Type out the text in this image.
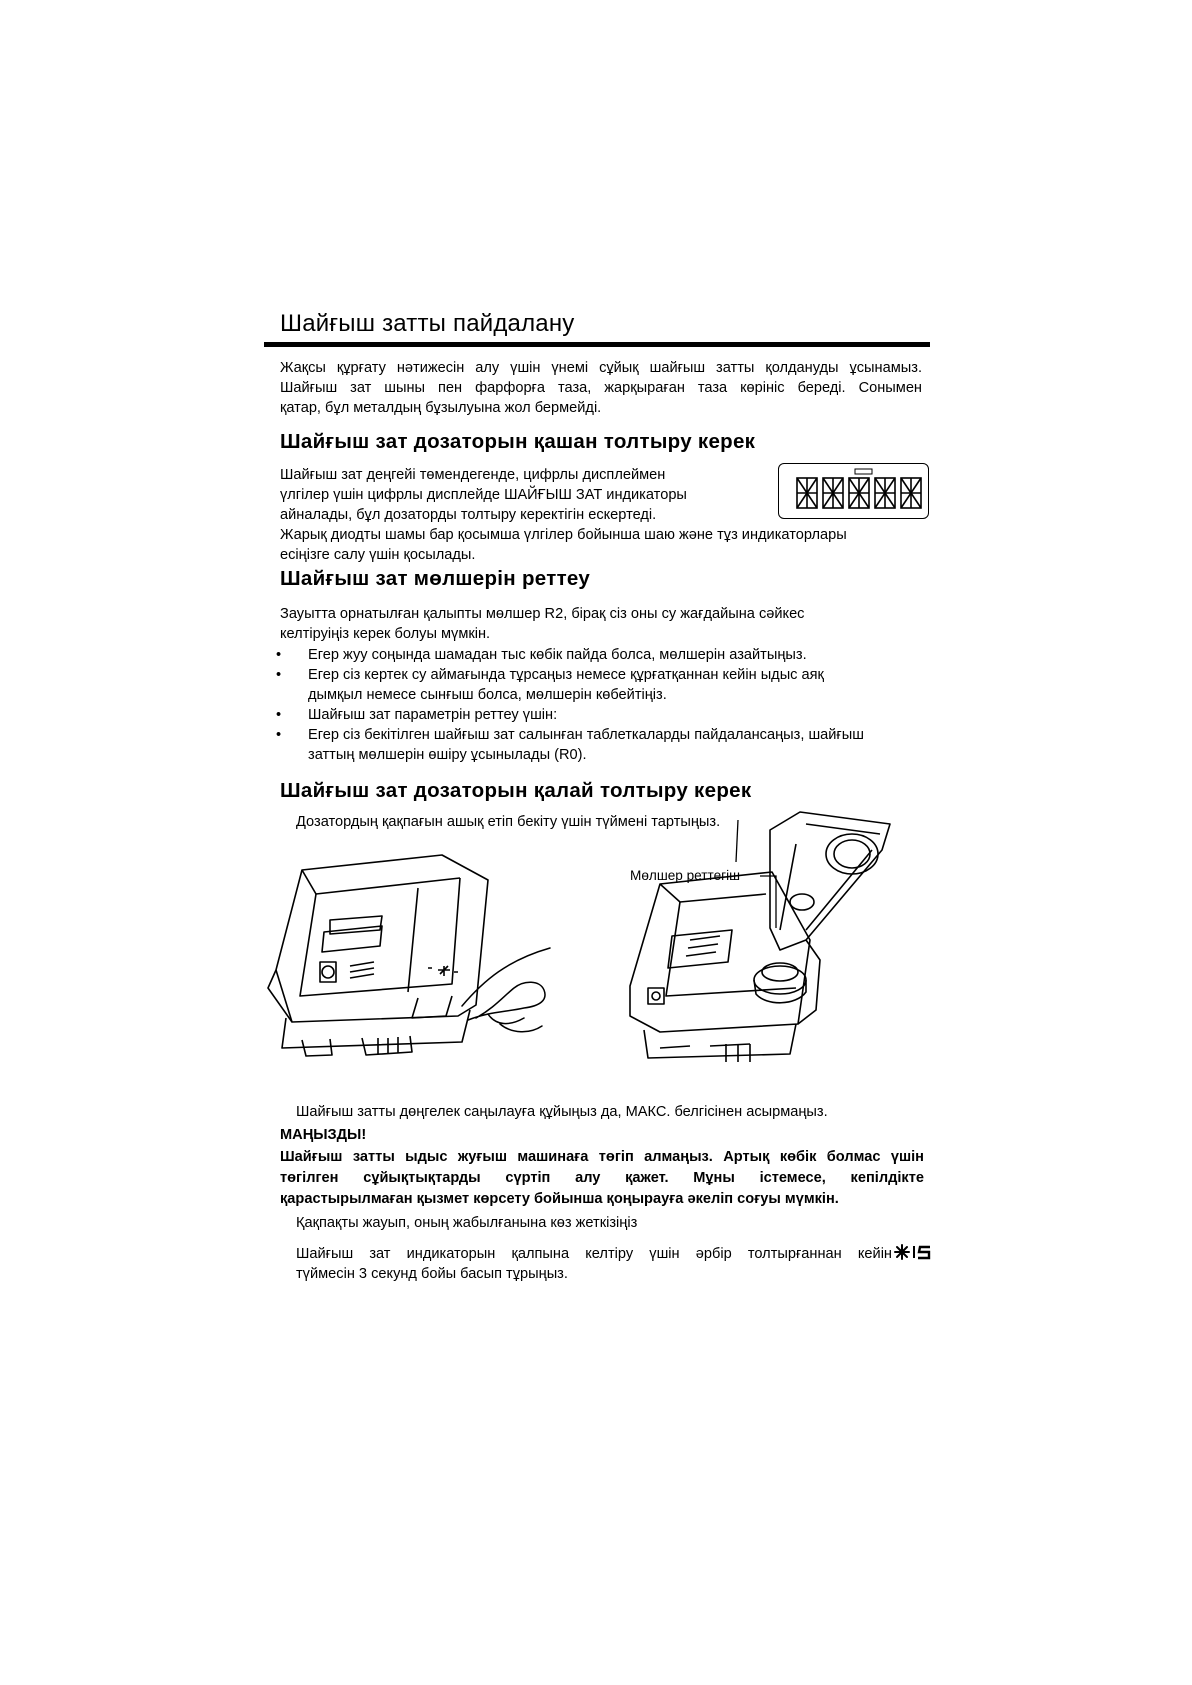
Шайғыш затты пайдалану
Жақсы құрғату нәтижесін алу үшін үнемі сұйық шайғыш затты қолдануды ұсынамыз.
Шайғыш зат шыны пен фарфорға таза, жарқыраған таза көрініс береді. Сонымен
қатар, бұл металдың бұзылуына жол бермейді.
Шайғыш зат дозаторын қашан толтыру керек
Шайғыш зат деңгейі төмендегенде, цифрлы дисплеймен
үлгілер үшін цифрлы дисплейде ШАЙҒЫШ ЗАТ индикаторы
айналады, бұл дозаторды толтыру керектігін ескертеді.
Жарық диодты шамы бар қосымша үлгілер бойынша шаю және тұз индикаторлары
есіңізге салу үшін қосылады.
Шайғыш зат мөлшерін реттеу
Зауытта орнатылған қалыпты мөлшер R2, бірақ сіз оны су жағдайына сәйкес
келтіруіңіз керек болуы мүмкін.
• Егер жуу соңында шамадан тыс көбік пайда болса, мөлшерін азайтыңыз.
• Егер сіз кертек су аймағында тұрсаңыз немесе құрғатқаннан кейін ыдыс аяқ
дымқыл немесе сынғыш болса, мөлшерін көбейтіңіз.
• Шайғыш зат параметрін реттеу үшін:
• Егер сіз бекітілген шайғыш зат салынған таблеткаларды пайдалансаңыз, шайғыш
заттың мөлшерін өшіру ұсынылады (R0).
Шайғыш зат дозаторын қалай толтыру керек
Дозатордың қақпағын ашық етіп бекіту үшін түймені тартыңыз.
Мөлшер реттегіш
Шайғыш затты дөңгелек саңылауға құйыңыз да, МАКС. белгісінен асырмаңыз.
МАҢЫЗДЫ!
Шайғыш затты ыдыс жуғыш машинаға төгіп алмаңыз. Артық көбік болмас үшін
төгілген сұйықтықтарды сүртіп алу қажет. Мұны істемесе, кепілдікте
қарастырылмаған қызмет көрсету бойынша қоңырауға әкеліп соғуы мүмкін.
Қақпақты жауып, оның жабылғанына көз жеткізіңіз
Шайғыш зат индикаторын қалпына келтіру үшін әрбір толтырғаннан кейін
түймесін 3 секунд бойы басып тұрыңыз.
